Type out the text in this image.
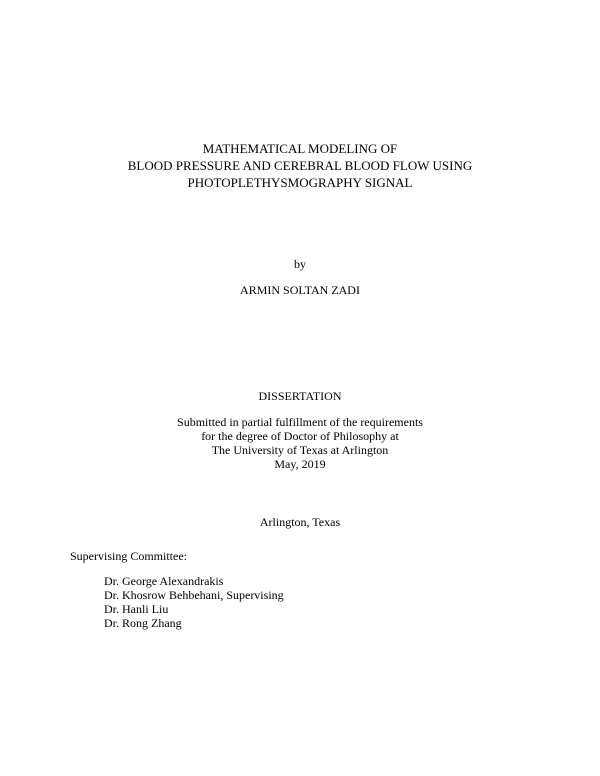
MATHEMATICAL MODELING OF
BLOOD PRESSURE AND CEREBRAL BLOOD FLOW USING
PHOTOPLETHYSMOGRAPHY SIGNAL
by
ARMIN SOLTAN ZADI
DISSERTATION
Submitted in partial fulfillment of the requirements
for the degree of Doctor of Philosophy at
The University of Texas at Arlington
May, 2019
Arlington, Texas
Supervising Committee:
Dr. George Alexandrakis
Dr. Khosrow Behbehani, Supervising
Dr. Hanli Liu
Dr. Rong Zhang
